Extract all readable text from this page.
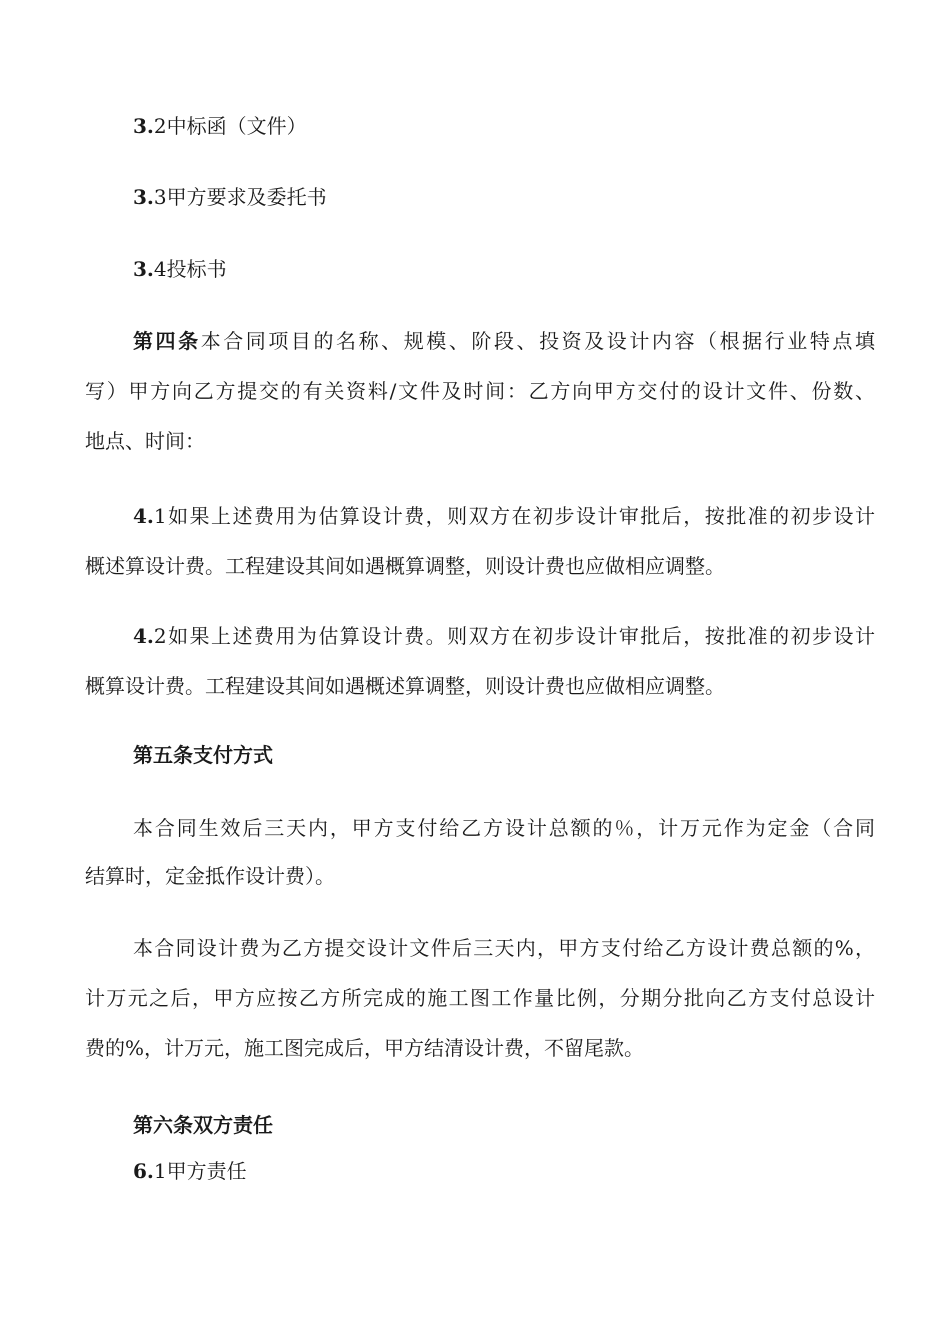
3.2中标函（文件）
3.3甲方要求及委托书
3.4投标书
第四条本合同项目的名称、规模、阶段、投资及设计内容（根据行业特点填
写）甲方向乙方提交的有关资料/文件及时间：乙方向甲方交付的设计文件、份数、
地点、时间：
4.1如果上述费用为估算设计费，则双方在初步设计审批后，按批准的初步设计
概述算设计费。工程建设其间如遇概算调整，则设计费也应做相应调整。
4.2如果上述费用为估算设计费。则双方在初步设计审批后，按批准的初步设计
概算设计费。工程建设其间如遇概述算调整，则设计费也应做相应调整。
第五条支付方式
本合同生效后三天内，甲方支付给乙方设计总额的％，计万元作为定金（合同
结算时，定金抵作设计费）。
本合同设计费为乙方提交设计文件后三天内，甲方支付给乙方设计费总额的%，
计万元之后，甲方应按乙方所完成的施工图工作量比例，分期分批向乙方支付总设计
费的%，计万元，施工图完成后，甲方结清设计费，不留尾款。
第六条双方责任
6.1甲方责任
